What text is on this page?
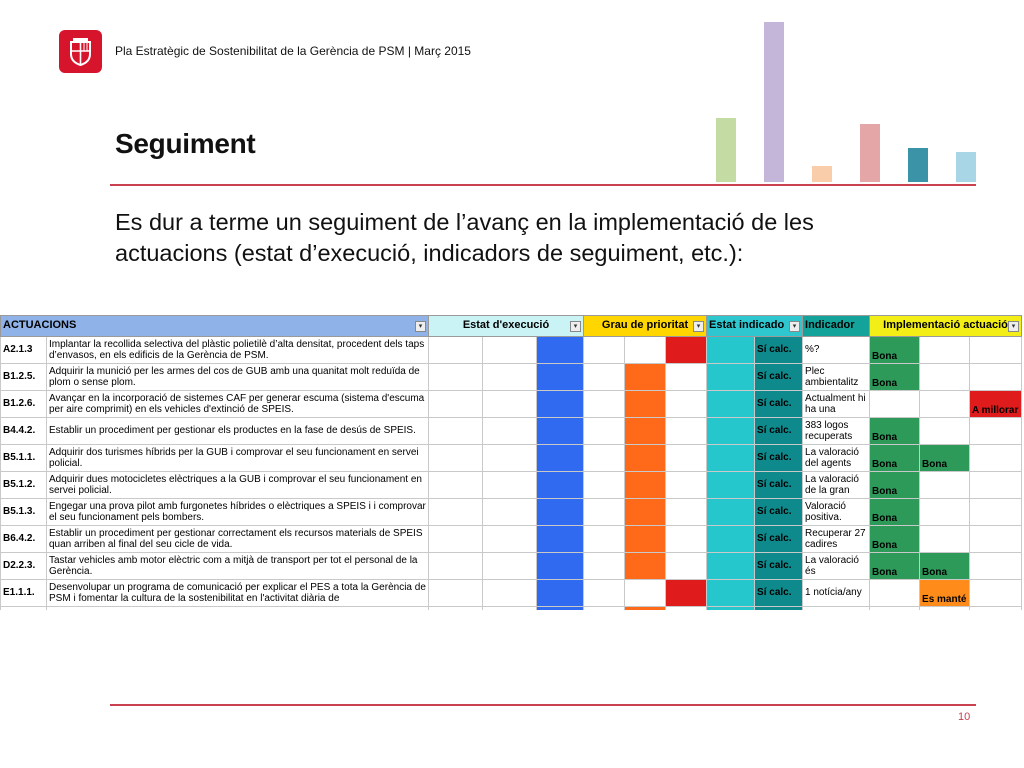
Pla Estratègic de Sostenibilitat de la Gerència de PSM | Març 2015
Seguiment
Es dur a terme un seguiment de l’avanç en la implementació de les actuacions (estat d’execució, indicadors de seguiment, etc.):
ACTUACIONS ▾		Estat d'execució ▾			Grau de prioritat ▾			Estat indicado ▾		Indicador	Implementació actuació ▾		

A2.1.3	Implantar la recollida selectiva del plàstic polietilè d’alta densitat, procedent dels taps d’envasos, en els edificis de la Gerència de PSM.								Sí calc.	%?	Bona		
B1.2.5.	Adquirir la munició per les armes del cos de GUB amb una quanitat molt reduïda de plom o sense plom.								Sí calc.	Plec ambientalitz	Bona		
B1.2.6.	Avançar en la incorporació de sistemes CAF per generar escuma (sistema d'escuma per aire comprimit) en els vehicles d'extinció de SPEIS.								Sí calc.	Actualment hi ha una			A millorar
B4.4.2.	Establir un procediment per gestionar els productes en la fase de desús de SPEIS.								Sí calc.	383 logos recuperats	Bona		
B5.1.1.	Adquirir dos turismes híbrids per la GUB i comprovar el seu funcionament en servei policial.								Sí calc.	La valoració del agents	Bona	Bona	
B5.1.2.	Adquirir dues motocicletes elèctriques a la GUB i comprovar el seu funcionament en servei policial.								Sí calc.	La valoració de la gran	Bona		
B5.1.3.	Engegar una prova pilot amb furgonetes híbrides o elèctriques a SPEIS i i comprovar el seu funcionament pels bombers.								Sí calc.	Valoració positiva.	Bona		
B6.4.2.	Establir un procediment per gestionar correctament els recursos materials de SPEIS quan arriben al final del seu cicle de vida.								Sí calc.	Recuperar 27 cadires	Bona		
D2.2.3.	Tastar vehicles amb motor elèctric com a mitjà de transport per tot el personal de la Gerència.								Sí calc.	La valoració és	Bona	Bona	
E1.1.1.	Desenvolupar un programa de comunicació per explicar el PES a tota la Gerència de PSM i fomentar la cultura de la sostenibilitat en l'activitat diària de								Sí calc.	1 notícia/any		Es manté	

10
